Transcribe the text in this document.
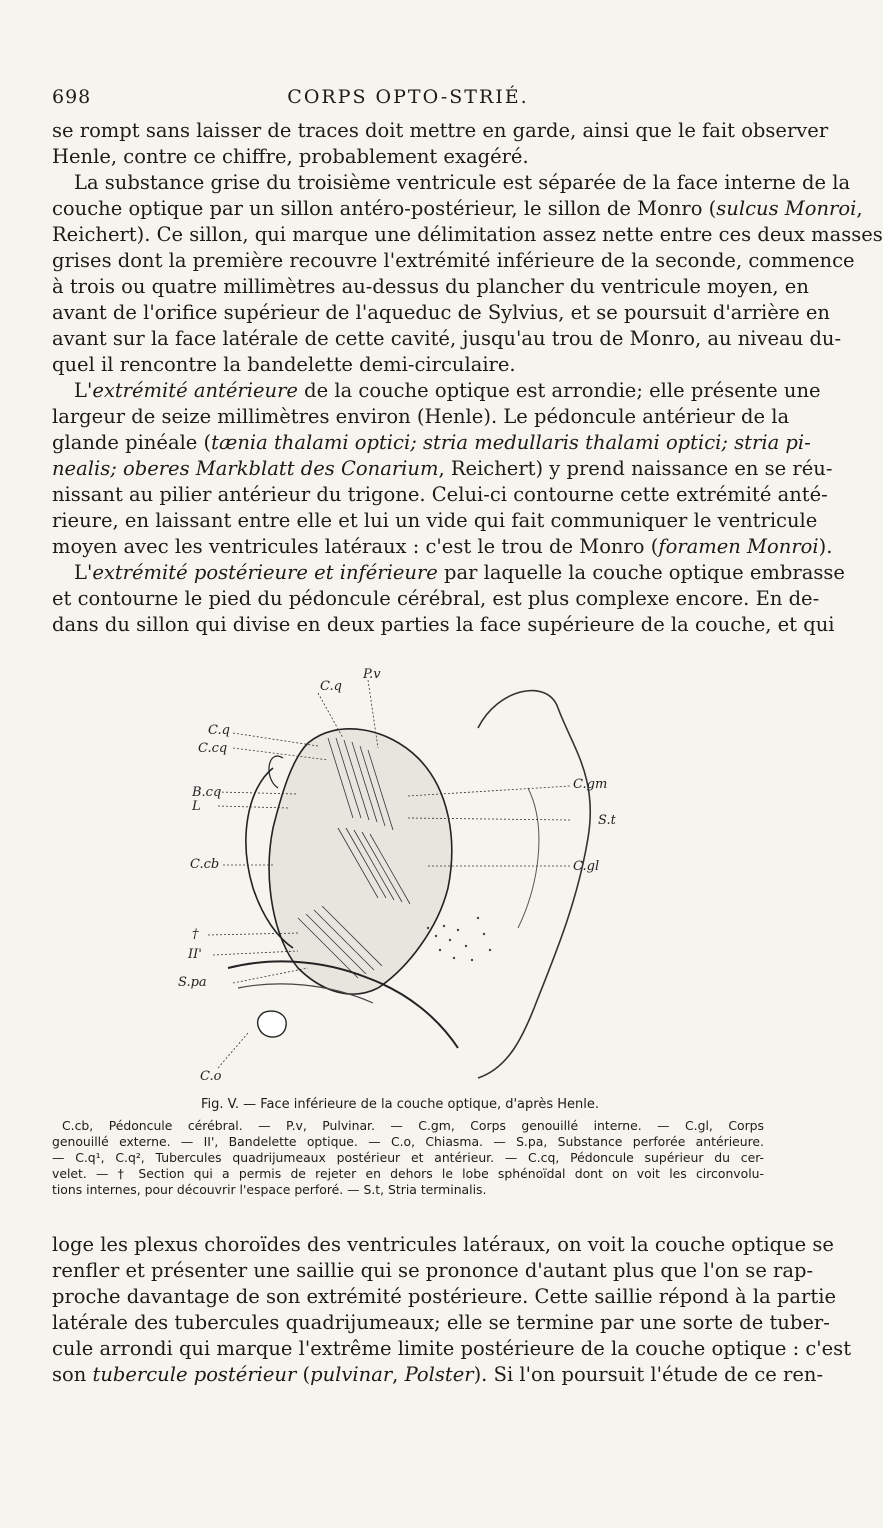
698	CORPS OPTO-STRIÉ.
se rompt sans laisser de traces doit mettre en garde, ainsi que le fait observer
Henle, contre ce chiffre, probablement exagéré.
La substance grise du troisième ventricule est séparée de la face interne de la
couche optique par un sillon antéro-postérieur, le sillon de Monro (sulcus Monroi,
Reichert). Ce sillon, qui marque une délimitation assez nette entre ces deux masses
grises dont la première recouvre l'extrémité inférieure de la seconde, commence
à trois ou quatre millimètres au-dessus du plancher du ventricule moyen, en
avant de l'orifice supérieur de l'aqueduc de Sylvius, et se poursuit d'arrière en
avant sur la face latérale de cette cavité, jusqu'au trou de Monro, au niveau du-
quel il rencontre la bandelette demi-circulaire.
L'extrémité antérieure de la couche optique est arrondie; elle présente une
largeur de seize millimètres environ (Henle). Le pédoncule antérieur de la
glande pinéale (tænia thalami optici; stria medullaris thalami optici; stria pi-
nealis; oberes Markblatt des Conarium, Reichert) y prend naissance en se réu-
nissant au pilier antérieur du trigone. Celui-ci contourne cette extrémité anté-
rieure, en laissant entre elle et lui un vide qui fait communiquer le ventricule
moyen avec les ventricules latéraux : c'est le trou de Monro (foramen Monroi).
L'extrémité postérieure et inférieure par laquelle la couche optique embrasse
et contourne le pied du pédoncule cérébral, est plus complexe encore. En de-
dans du sillon qui divise en deux parties la face supérieure de la couche, et qui
C.q
P.v
C.q
C.cq
B.cq
L
C.gm
S.t
C.cb	C.gl
†
II'
S.pa
C.o
Fig. V. — Face inférieure de la couche optique, d'après Henle.
C.cb, Pédoncule cérébral. — P.v, Pulvinar. — C.gm, Corps genouillé interne. — C.gl, Corps
genouillé externe. — II', Bandelette optique. — C.o, Chiasma. — S.pa, Substance perforée antérieure.
— C.q¹, C.q², Tubercules quadrijumeaux postérieur et antérieur. — C.cq, Pédoncule supérieur du cer-
velet. — † Section qui a permis de rejeter en dehors le lobe sphénoïdal dont on voit les circonvolu-
tions internes, pour découvrir l'espace perforé. — S.t, Stria terminalis.
loge les plexus choroïdes des ventricules latéraux, on voit la couche optique se
renfler et présenter une saillie qui se prononce d'autant plus que l'on se rap-
proche davantage de son extrémité postérieure. Cette saillie répond à la partie
latérale des tubercules quadrijumeaux; elle se termine par une sorte de tuber-
cule arrondi qui marque l'extrême limite postérieure de la couche optique : c'est
son tubercule postérieur (pulvinar, Polster). Si l'on poursuit l'étude de ce ren-
